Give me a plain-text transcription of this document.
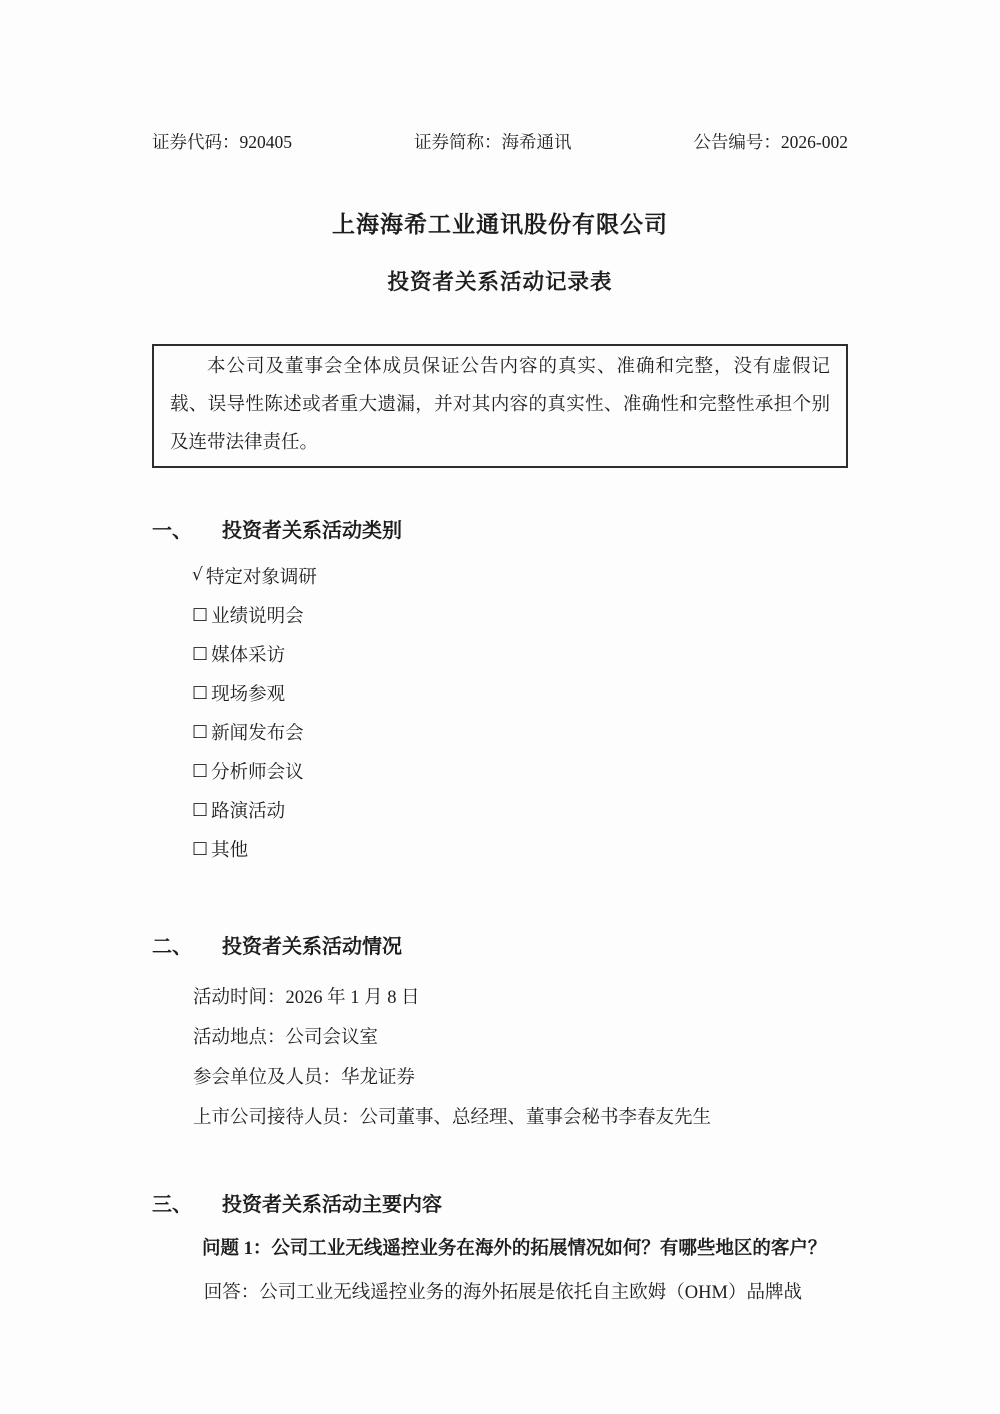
证券代码：920405	证券简称：海希通讯	公告编号：2026-002
上海海希工业通讯股份有限公司
投资者关系活动记录表
本公司及董事会全体成员保证公告内容的真实、准确和完整，没有虚假记载、误导性陈述或者重大遗漏，并对其内容的真实性、准确性和完整性承担个别及连带法律责任。
一、 投资者关系活动类别
√ 特定对象调研
□ 业绩说明会
□ 媒体采访
□ 现场参观
□ 新闻发布会
□ 分析师会议
□ 路演活动
□ 其他
二、 投资者关系活动情况
活动时间：2026 年 1 月 8 日
活动地点：公司会议室
参会单位及人员：华龙证券
上市公司接待人员：公司董事、总经理、董事会秘书李春友先生
三、 投资者关系活动主要内容

问题 1：公司工业无线遥控业务在海外的拓展情况如何？有哪些地区的客户？

回答：公司工业无线遥控业务的海外拓展是依托自主欧姆（OHM）品牌战
